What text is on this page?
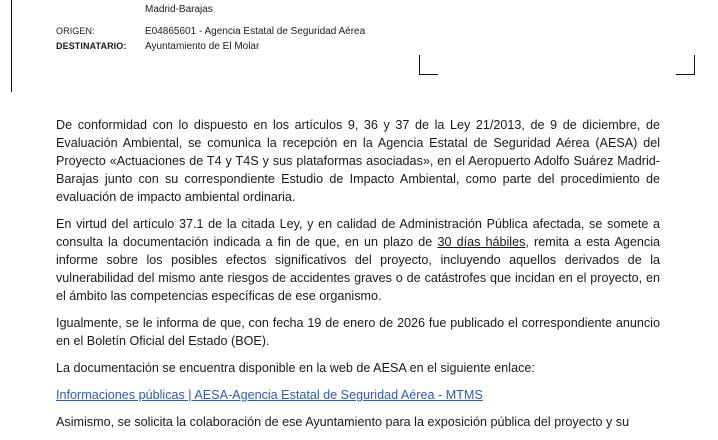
Madrid-Barajas
ORIGEN:	E04865601 - Agencia Estatal de Seguridad Aérea
DESTINATARIO: Ayuntamiento de El Molar

De conformidad con lo dispuesto en los artículos 9, 36 y 37 de la Ley 21/2013, de 9 de diciembre, de Evaluación Ambiental, se comunica la recepción en la Agencia Estatal de Seguridad Aérea (AESA) del Proyecto «Actuaciones de T4 y T4S y sus plataformas asociadas», en el Aeropuerto Adolfo Suárez Madrid-Barajas junto con su correspondiente Estudio de Impacto Ambiental, como parte del procedimiento de evaluación de impacto ambiental ordinaria.

En virtud del artículo 37.1 de la citada Ley, y en calidad de Administración Pública afectada, se somete a consulta la documentación indicada a fin de que, en un plazo de 30 días hábiles, remita a esta Agencia informe sobre los posibles efectos significativos del proyecto, incluyendo aquellos derivados de la vulnerabilidad del mismo ante riesgos de accidentes graves o de catástrofes que incidan en el proyecto, en el ámbito las competencias específicas de ese organismo.

Igualmente, se le informa de que, con fecha 19 de enero de 2026 fue publicado el correspondiente anuncio en el Boletín Oficial del Estado (BOE).

La documentación se encuentra disponible en la web de AESA en el siguiente enlace:

Informaciones públicas | AESA-Agencia Estatal de Seguridad Aérea - MTMS

Asimismo, se solicita la colaboración de ese Ayuntamiento para la exposición pública del proyecto y su
